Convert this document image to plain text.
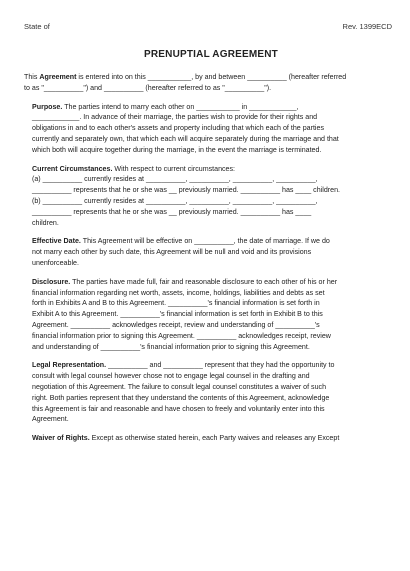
State of	Rev. 1399ECD
PRENUPTIAL AGREEMENT

This Agreement is entered into on this ___________, by and between __________ (hereafter referred

to as "__________") and __________ (hereafter referred to as "__________").

Purpose. The parties intend to marry each other on ___________ in ____________,

____________. In advance of their marriage, the parties wish to provide for their rights and

obligations in and to each other's assets and property including that which each of the parties

currently and separately own, that which each will acquire separately during the marriage and that

which both will acquire together during the marriage, in the event the marriage is terminated.

Current Circumstances. With respect to current circumstances:

(a) __________ currently resides at __________, __________, __________, __________,

__________ represents that he or she was __ previously married. __________ has ____ children.

(b) __________ currently resides at __________, __________, __________, __________,

__________ represents that he or she was __ previously married. __________ has ____

children.

Effective Date. This Agreement will be effective on __________, the date of marriage. If we do

not marry each other by such date, this Agreement will be null and void and its provisions

unenforceable.

Disclosure. The parties have made full, fair and reasonable disclosure to each other of his or her

financial information regarding net worth, assets, income, holdings, liabilities and debts as set

forth in Exhibits A and B to this Agreement. __________'s financial information is set forth in

Exhibit A to this Agreement. __________'s financial information is set forth in Exhibit B to this

Agreement. __________ acknowledges receipt, review and understanding of __________'s

financial information prior to signing this Agreement. __________ acknowledges receipt, review

and understanding of __________'s financial information prior to signing this Agreement.

Legal Representation. __________ and __________ represent that they had the opportunity to

consult with legal counsel however chose not to engage legal counsel in the drafting and

negotiation of this Agreement. The failure to consult legal counsel constitutes a waiver of such

right. Both parties represent that they understand the contents of this Agreement, acknowledge

this Agreement is fair and reasonable and have chosen to freely and voluntarily enter into this

Agreement.

Waiver of Rights. Except as otherwise stated herein, each Party waives and releases any Except
